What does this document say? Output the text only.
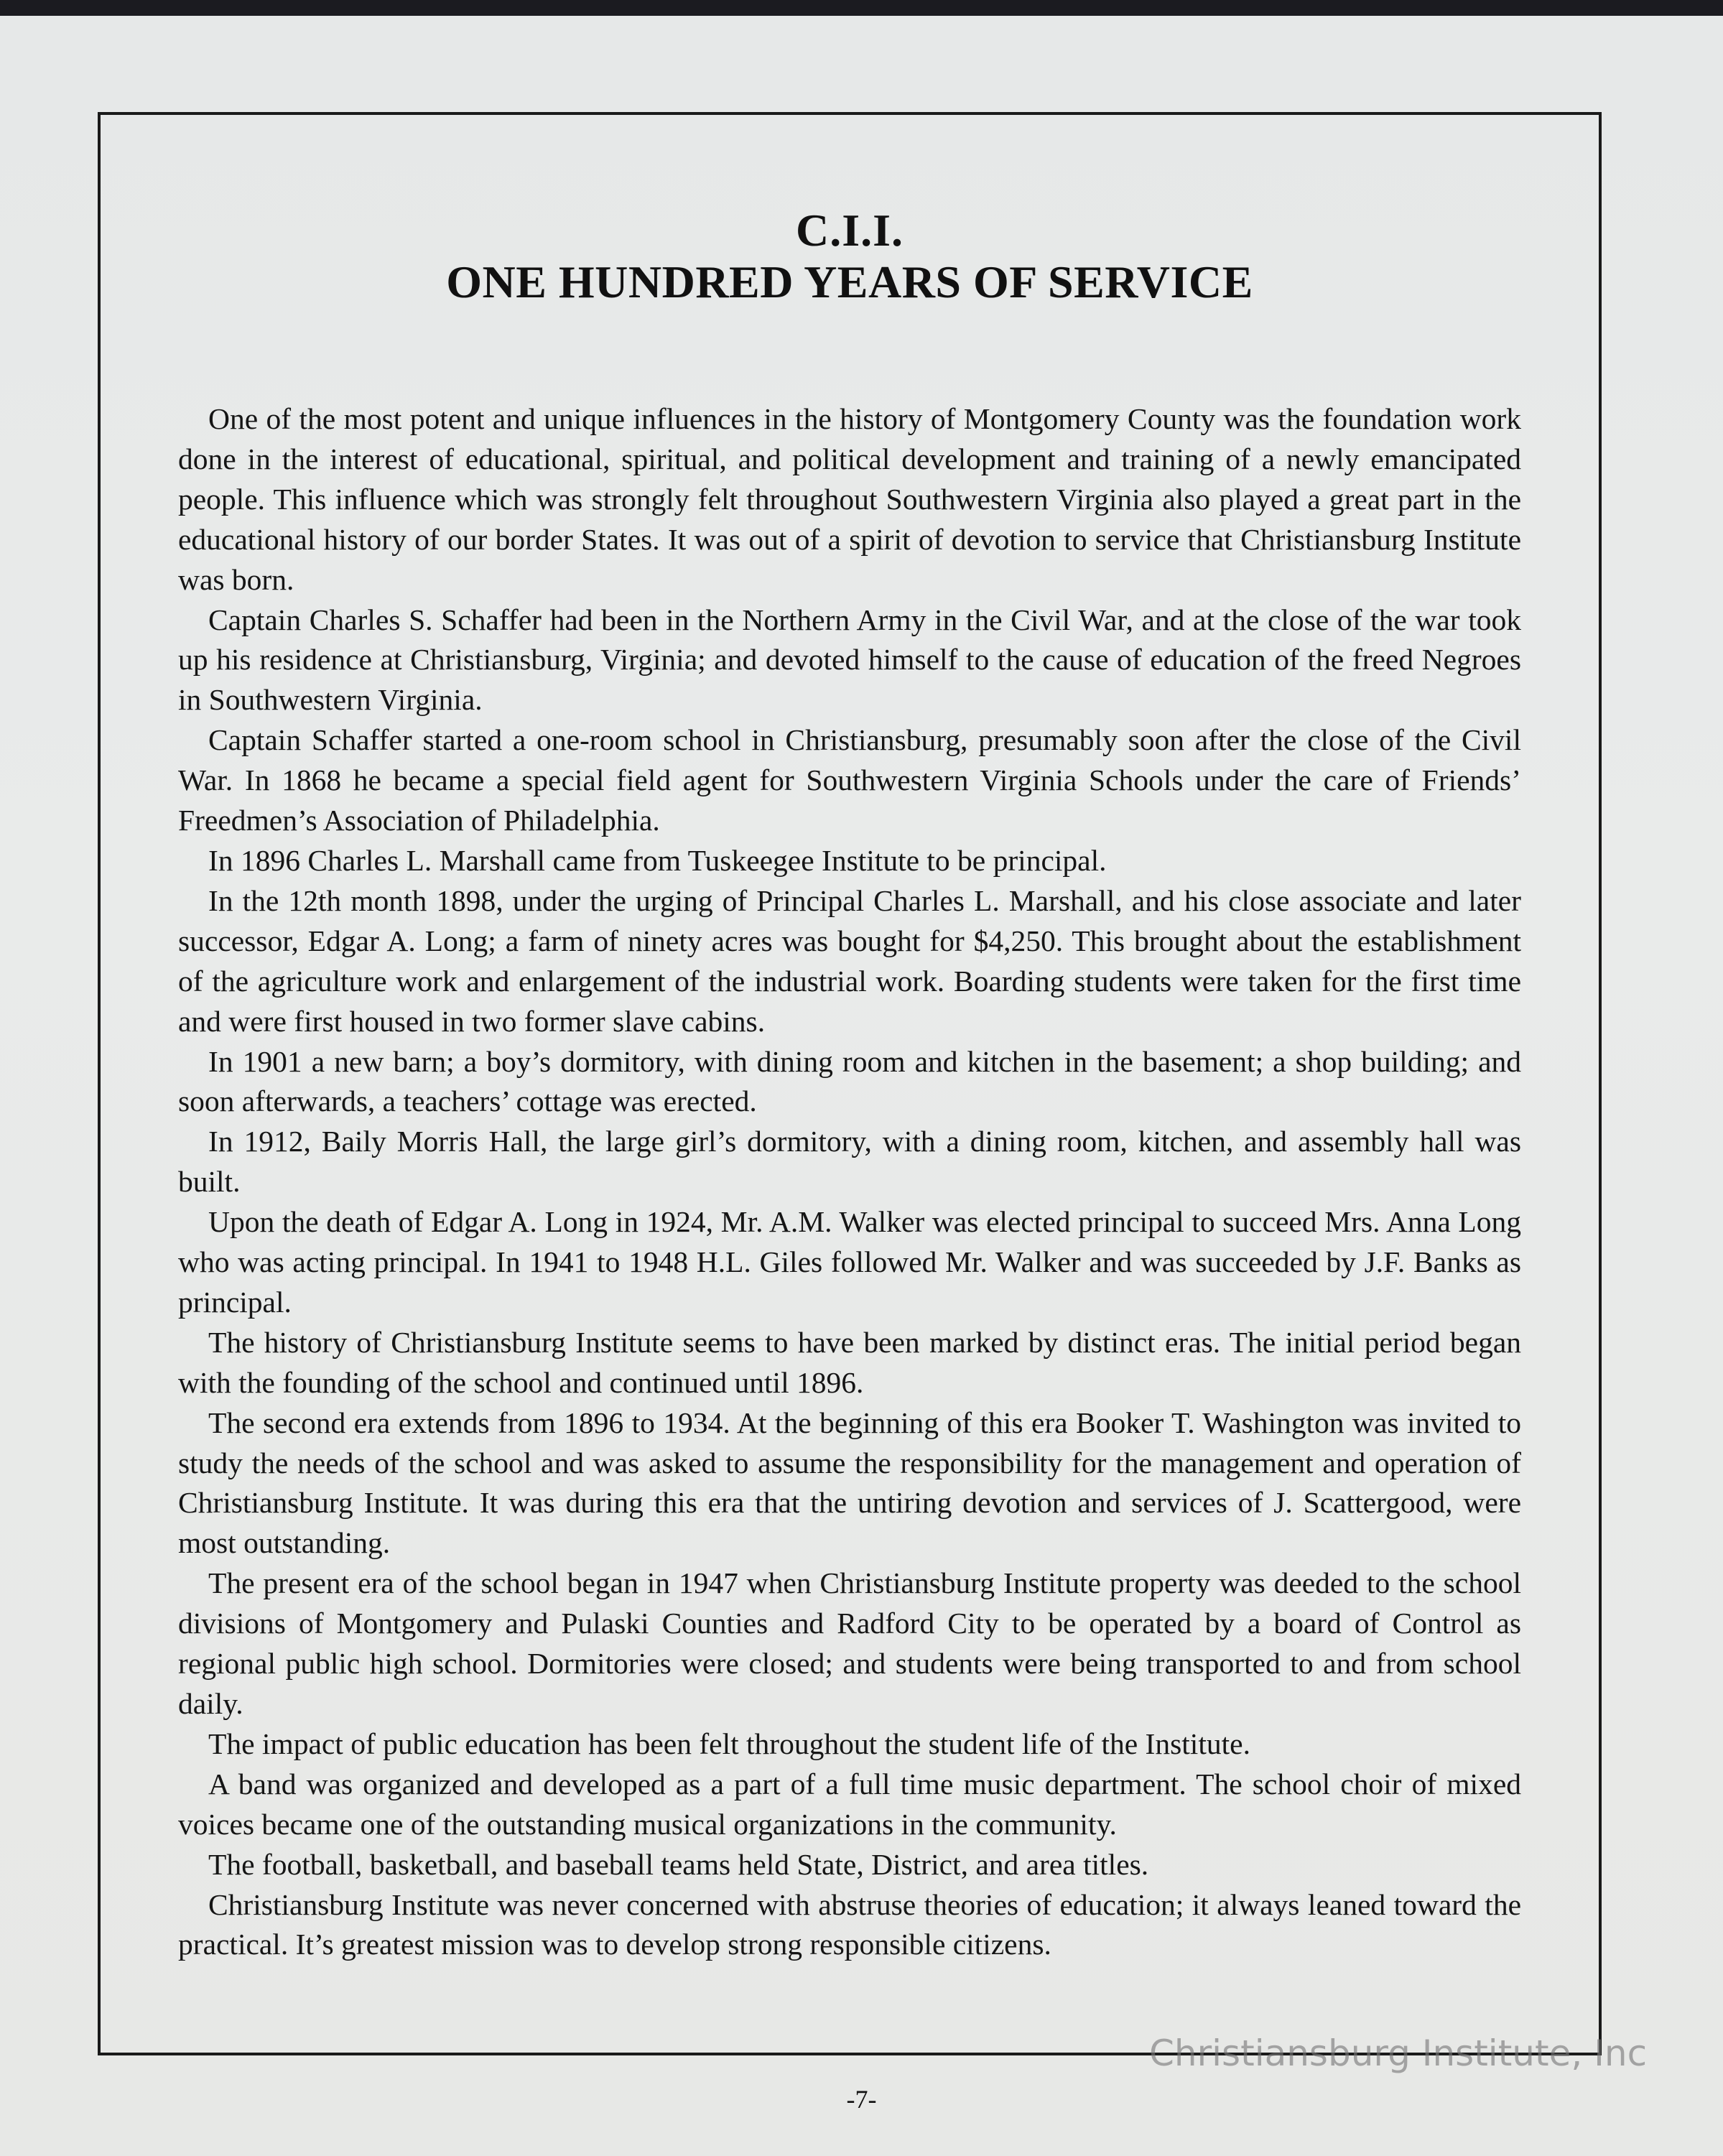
C.I.I.
ONE HUNDRED YEARS OF SERVICE

One of the most potent and unique influences in the history of Montgomery County was the foundation work done in the interest of educational, spiritual, and political development and training of a newly emancipated people. This influence which was strongly felt throughout Southwestern Virginia also played a great part in the educational history of our border States. It was out of a spirit of devotion to service that Christiansburg Institute was born.

Captain Charles S. Schaffer had been in the Northern Army in the Civil War, and at the close of the war took up his residence at Christiansburg, Virginia; and devoted himself to the cause of education of the freed Negroes in Southwestern Virginia.

Captain Schaffer started a one-room school in Christiansburg, presumably soon after the close of the Civil War. In 1868 he became a special field agent for Southwestern Virginia Schools under the care of Friends’ Freedmen’s Association of Philadelphia.

In 1896 Charles L. Marshall came from Tuskeegee Institute to be principal.

In the 12th month 1898, under the urging of Principal Charles L. Marshall, and his close associate and later successor, Edgar A. Long; a farm of ninety acres was bought for $4,250. This brought about the establishment of the agriculture work and enlargement of the industrial work. Boarding students were taken for the first time and were first housed in two former slave cabins.

In 1901 a new barn; a boy’s dormitory, with dining room and kitchen in the basement; a shop building; and soon afterwards, a teachers’ cottage was erected.

In 1912, Baily Morris Hall, the large girl’s dormitory, with a dining room, kitchen, and assembly hall was built.

Upon the death of Edgar A. Long in 1924, Mr. A.M. Walker was elected principal to succeed Mrs. Anna Long who was acting principal. In 1941 to 1948 H.L. Giles followed Mr. Walker and was succeeded by J.F. Banks as principal.

The history of Christiansburg Institute seems to have been marked by distinct eras. The initial period began with the founding of the school and continued until 1896.

The second era extends from 1896 to 1934. At the beginning of this era Booker T. Washington was invited to study the needs of the school and was asked to assume the responsibility for the management and operation of Christiansburg Institute. It was during this era that the untiring devotion and services of J. Scattergood, were most outstanding.

The present era of the school began in 1947 when Christiansburg Institute property was deeded to the school divisions of Montgomery and Pulaski Counties and Radford City to be operated by a board of Control as regional public high school. Dormitories were closed; and students were being transported to and from school daily.

The impact of public education has been felt throughout the student life of the Institute.

A band was organized and developed as a part of a full time music department. The school choir of mixed voices became one of the outstanding musical organizations in the community.

The football, basketball, and baseball teams held State, District, and area titles.

Christiansburg Institute was never concerned with abstruse theories of education; it always leaned toward the practical. It’s greatest mission was to develop strong responsible citizens.

Christiansburg Institute, Inc
-7-
